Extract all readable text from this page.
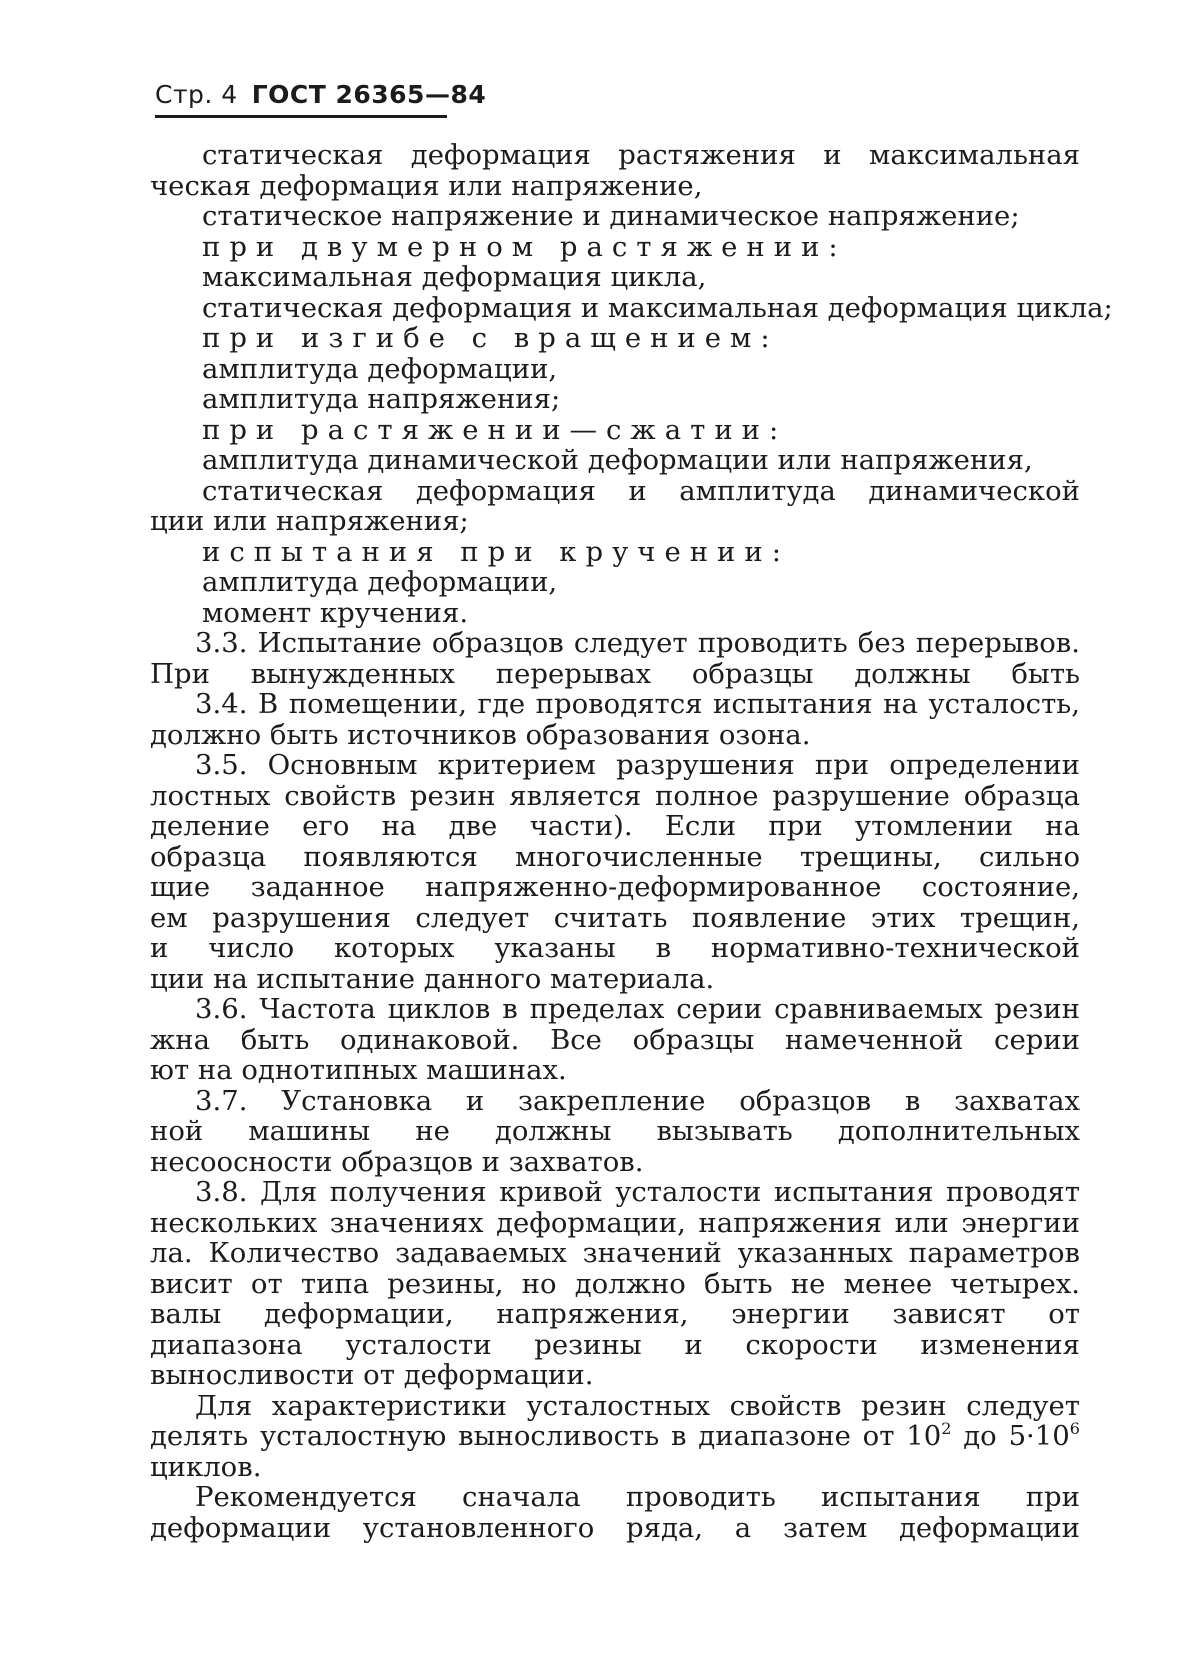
Стр. 4 ГОСТ 26365—84
статическая деформация растяжения и максимальная
ческая деформация или напряжение,
статическое напряжение и динамическое напряжение;
при двумерном растяжении:
максимальная деформация цикла,
статическая деформация и максимальная деформация цикла;
при изгибе с вращением:
амплитуда деформации,
амплитуда напряжения;
при растяжении—сжатии:
амплитуда динамической деформации или напряжения,
статическая деформация и амплитуда динамической
ции или напряжения;
испытания при кручении:
амплитуда деформации,
момент кручения.
3.3. Испытание образцов следует проводить без перерывов.
При вынужденных перерывах образцы должны быть
3.4. В помещении, где проводятся испытания на усталость,
должно быть источников образования озона.
3.5. Основным критерием разрушения при определении
лостных свойств резин является полное разрушение образца
деление его на две части). Если при утомлении на
образца появляются многочисленные трещины, сильно
щие заданное напряженно-деформированное состояние,
ем разрушения следует считать появление этих трещин,
и число которых указаны в нормативно-технической
ции на испытание данного материала.
3.6. Частота циклов в пределах серии сравниваемых резин
жна быть одинаковой. Все образцы намеченной серии
ют на однотипных машинах.
3.7. Установка и закрепление образцов в захватах
ной машины не должны вызывать дополнительных
несоосности образцов и захватов.
3.8. Для получения кривой усталости испытания проводят
нескольких значениях деформации, напряжения или энергии
ла. Количество задаваемых значений указанных параметров
висит от типа резины, но должно быть не менее четырех.
валы деформации, напряжения, энергии зависят от
диапазона усталости резины и скорости изменения
выносливости от деформации.
Для характеристики усталостных свойств резин следует
делять усталостную выносливость в диапазоне от $10^2$ до $5\cdot 10^6$
циклов.
Рекомендуется сначала проводить испытания при
деформации установленного ряда, а затем деформации
